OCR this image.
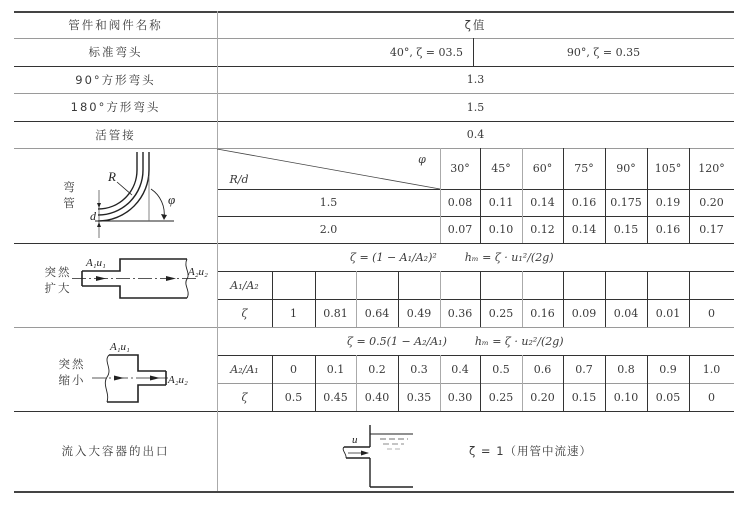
管件和阀件名称	ζ值
标准弯头	40°, ζ = 03.5	90°, ζ = 0.35
90°方形弯头	1.3
180°方形弯头	1.5
活管接	0.4
弯
管
R
d
φ
φ
R/d
30°	45°	60°	75°	90°	105°	120°
1.5	0.08	0.11	0.14	0.16	0.175	0.19	0.20
2.0	0.07	0.10	0.12	0.14	0.15	0.16	0.17
突然
扩大
A₁u₁
A₂u₂
ζ = (1 − A₁/A₂)²	hₘ = ζ · u₁²/(2g)
A₁/A₂
ζ	1	0.81	0.64	0.49	0.36	0.25	0.16	0.09	0.04	0.01	0
突然
缩小
A₁u₁
A₂u₂
ζ = 0.5(1 − A₂/A₁)	hₘ = ζ · u₂²/(2g)
A₂/A₁	0	0.1	0.2	0.3	0.4	0.5	0.6	0.7	0.8	0.9	1.0
ζ	0.5	0.45	0.40	0.35	0.30	0.25	0.20	0.15	0.10	0.05	0
流入大容器的出口
u
ζ = 1（用管中流速）
